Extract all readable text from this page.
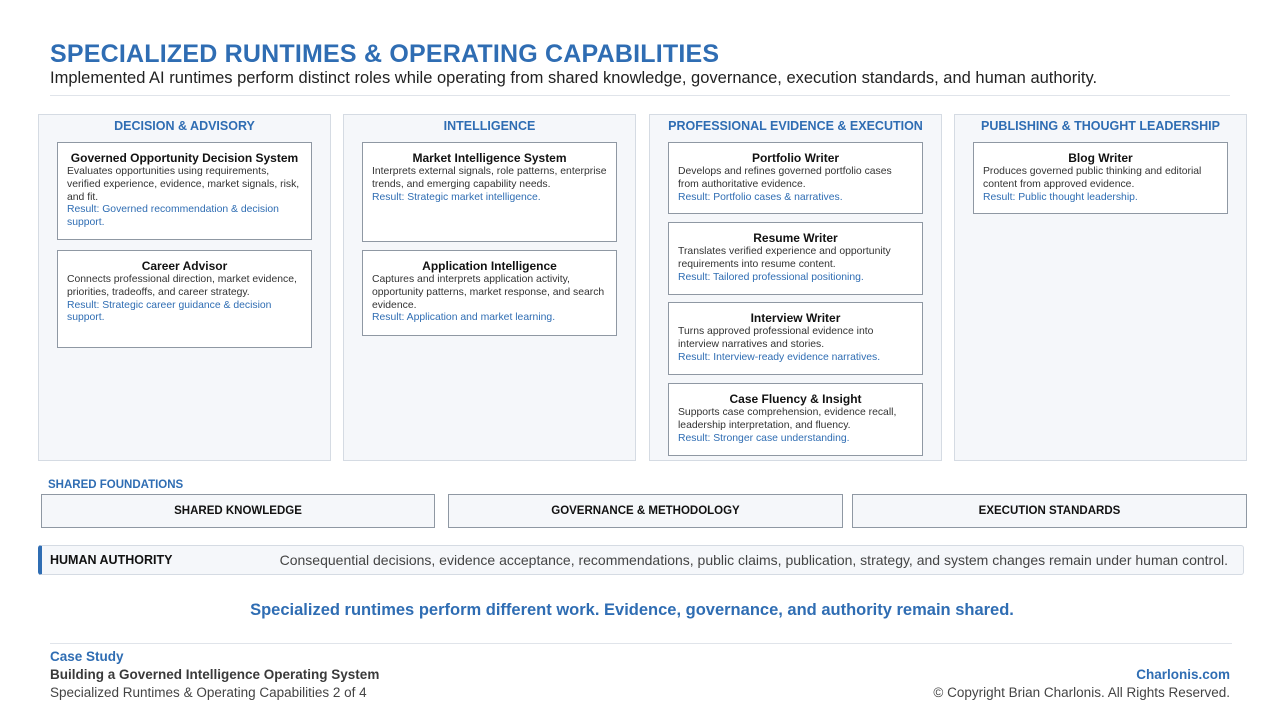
SPECIALIZED RUNTIMES & OPERATING CAPABILITIES
Implemented AI runtimes perform distinct roles while operating from shared knowledge, governance, execution standards, and human authority.
DECISION & ADVISORY
Governed Opportunity Decision System
Evaluates opportunities using requirements, verified experience, evidence, market signals, risk, and fit.
Result: Governed recommendation & decision support.
Career Advisor
Connects professional direction, market evidence, priorities, tradeoffs, and career strategy.
Result: Strategic career guidance & decision support.
INTELLIGENCE
Market Intelligence System
Interprets external signals, role patterns, enterprise trends, and emerging capability needs.
Result: Strategic market intelligence.
Application Intelligence
Captures and interprets application activity, opportunity patterns, market response, and search evidence.
Result: Application and market learning.
PROFESSIONAL EVIDENCE & EXECUTION
Portfolio Writer
Develops and refines governed portfolio cases from authoritative evidence.
Result: Portfolio cases & narratives.
Resume Writer
Translates verified experience and opportunity requirements into resume content.
Result: Tailored professional positioning.
Interview Writer
Turns approved professional evidence into interview narratives and stories.
Result: Interview-ready evidence narratives.
Case Fluency & Insight
Supports case comprehension, evidence recall, leadership interpretation, and fluency.
Result: Stronger case understanding.
PUBLISHING & THOUGHT LEADERSHIP
Blog Writer
Produces governed public thinking and editorial content from approved evidence.
Result: Public thought leadership.
SHARED FOUNDATIONS
SHARED KNOWLEDGE	GOVERNANCE & METHODOLOGY	EXECUTION STANDARDS
HUMAN AUTHORITY	Consequential decisions, evidence acceptance, recommendations, public claims, publication, strategy, and system changes remain under human control.
Specialized runtimes perform different work. Evidence, governance, and authority remain shared.
Case Study
Building a Governed Intelligence Operating System
Specialized Runtimes & Operating Capabilities 2 of 4
Charlonis.com
© Copyright Brian Charlonis. All Rights Reserved.
